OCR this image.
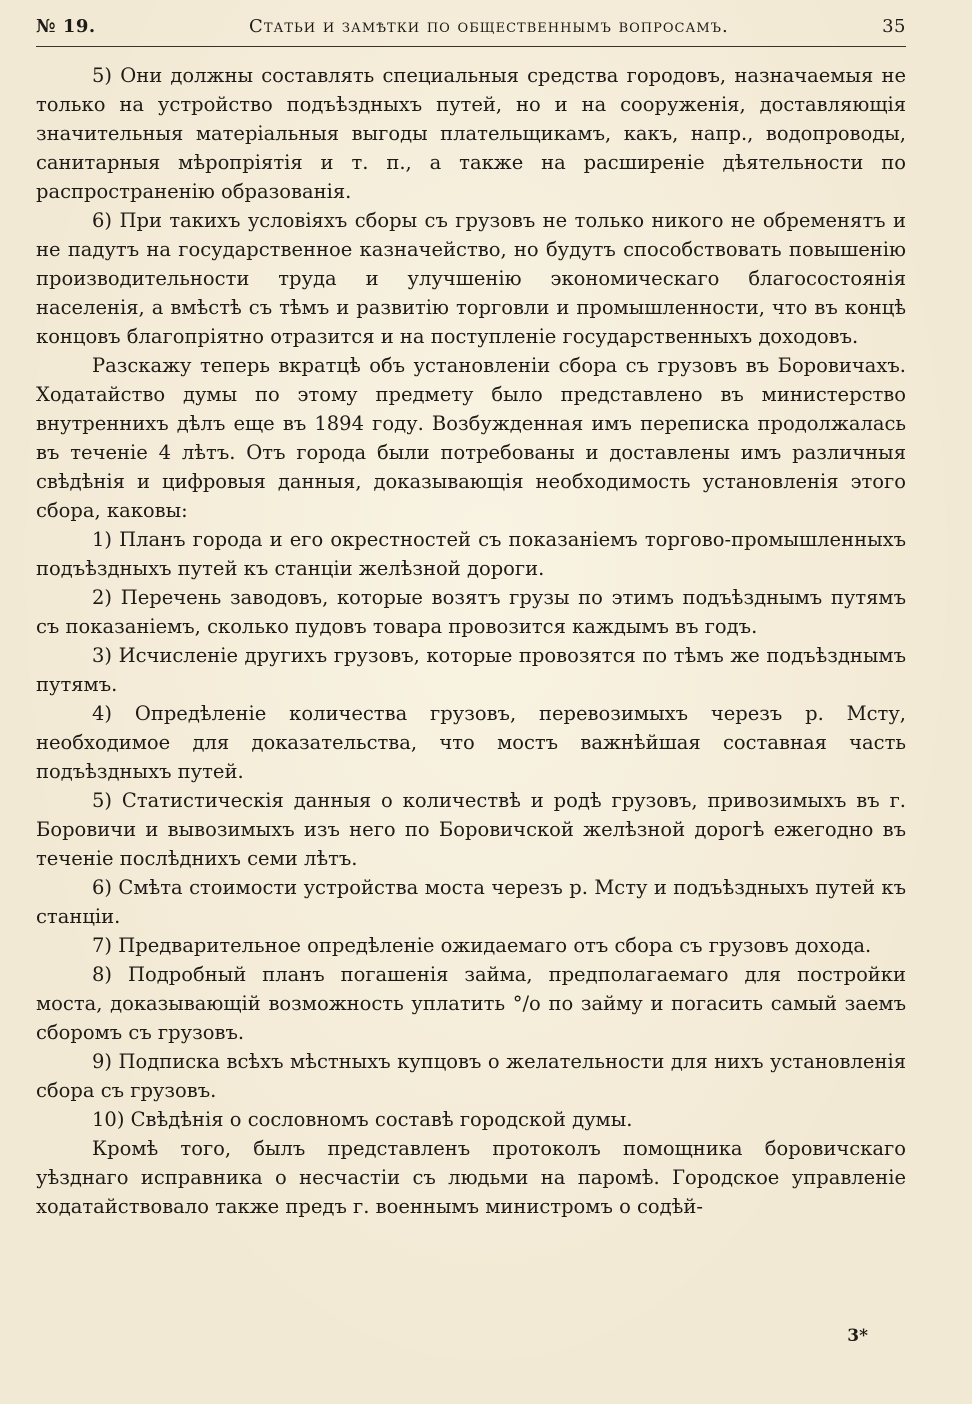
№ 19.	Статьи и замѣтки по общественнымъ вопросамъ.	35

5) Они должны составлять специальныя средства городовъ, назначаемыя не только на устройство подъѣздныхъ путей, но и на сооруженія, доставляющія значительныя матеріальныя выгоды плательщикамъ, какъ, напр., водопроводы, санитарныя мѣропріятія и т. п., а также на расширеніе дѣятельности по распространенію образованія.

6) При такихъ условіяхъ сборы съ грузовъ не только никого не обременятъ и не падутъ на государственное казначейство, но будутъ способствовать повышенію производительности труда и улучшенію экономическаго благосостоянія населенія, а вмѣстѣ съ тѣмъ и развитію торговли и промышленности, что въ концѣ концовъ благопріятно отразится и на поступленіе государственныхъ доходовъ.

Разскажу теперь вкратцѣ объ установленіи сбора съ грузовъ въ Боровичахъ. Ходатайство думы по этому предмету было представлено въ министерство внутреннихъ дѣлъ еще въ 1894 году. Возбужденная имъ переписка продолжалась въ теченіе 4 лѣтъ. Отъ города были потребованы и доставлены имъ различныя свѣдѣнія и цифровыя данныя, доказывающія необходимость установленія этого сбора, каковы:

1) Планъ города и его окрестностей съ показаніемъ торгово-промышленныхъ подъѣздныхъ путей къ станціи желѣзной дороги.

2) Перечень заводовъ, которые возятъ грузы по этимъ подъѣзднымъ путямъ съ показаніемъ, сколько пудовъ товара провозится каждымъ въ годъ.

3) Исчисленіе другихъ грузовъ, которые провозятся по тѣмъ же подъѣзднымъ путямъ.

4) Опредѣленіе количества грузовъ, перевозимыхъ черезъ р. Мсту, необходимое для доказательства, что мостъ важнѣйшая составная часть подъѣздныхъ путей.

5) Статистическія данныя о количествѣ и родѣ грузовъ, привозимыхъ въ г. Боровичи и вывозимыхъ изъ него по Боровичской желѣзной дорогѣ ежегодно въ теченіе послѣднихъ семи лѣтъ.

6) Смѣта стоимости устройства моста черезъ р. Мсту и подъѣздныхъ путей къ станціи.

7) Предварительное опредѣленіе ожидаемаго отъ сбора съ грузовъ дохода.

8) Подробный планъ погашенія займа, предполагаемаго для постройки моста, доказывающій возможность уплатить °/о по займу и погасить самый заемъ сборомъ съ грузовъ.

9) Подписка всѣхъ мѣстныхъ купцовъ о желательности для нихъ установленія сбора съ грузовъ.

10) Свѣдѣнія о сословномъ составѣ городской думы.

Кромѣ того, былъ представленъ протоколъ помощника боровичскаго уѣзднаго исправника о несчастіи съ людьми на паромѣ. Городское управленіе ходатайствовало также предъ г. военнымъ министромъ о содѣй-

3*
